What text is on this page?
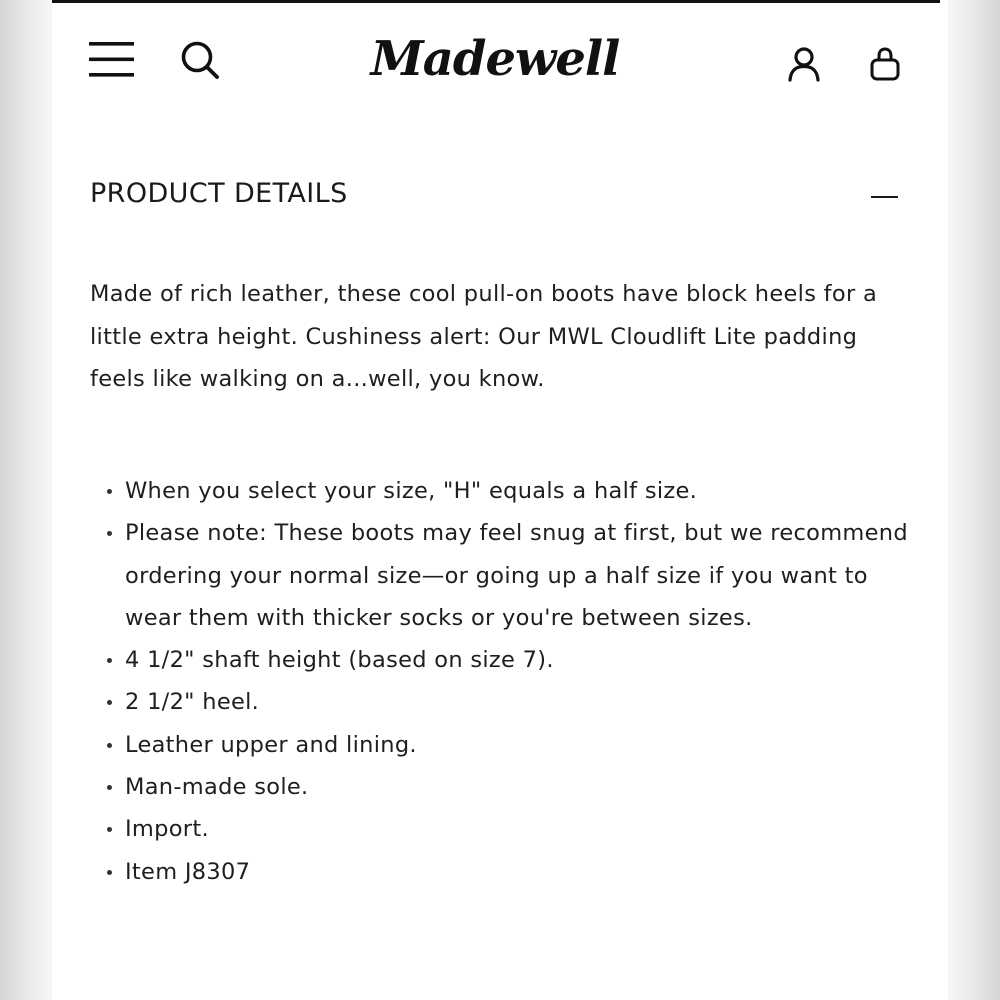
Madewell
PRODUCT DETAILS

Made of rich leather, these cool pull-on boots have block heels for a little extra height. Cushiness alert: Our MWL Cloudlift Lite padding feels like walking on a...well, you know.

When you select your size, "H" equals a half size.
Please note: These boots may feel snug at first, but we recommend ordering your normal size—or going up a half size if you want to wear them with thicker socks or you're between sizes.
4 1/2" shaft height (based on size 7).
2 1/2" heel.
Leather upper and lining.
Man-made sole.
Import.
Item J8307
